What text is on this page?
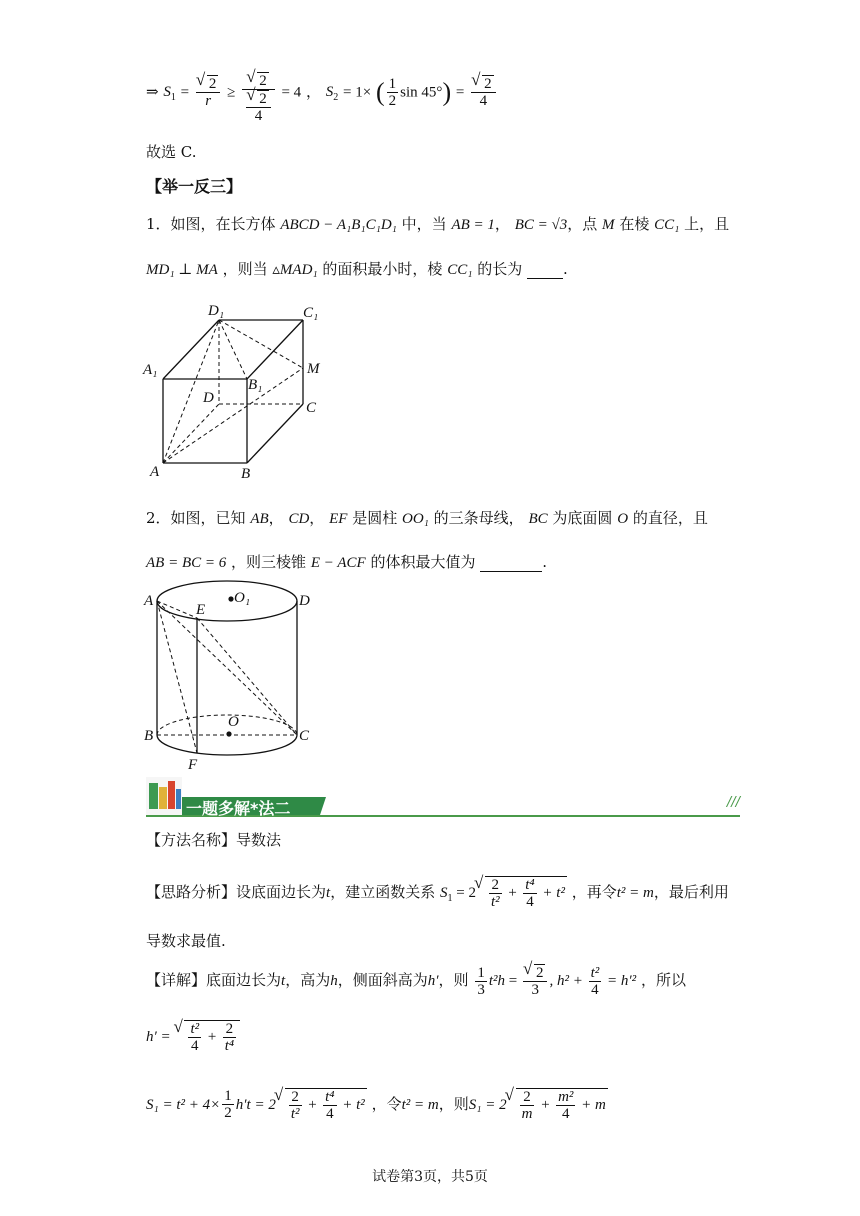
⇒ $S_1$ = √ $\frac{2}{r}$ ≥ √ 2
√ $\frac{2}{4} = 4$ ， $S_2 = 1\times$ ( $\frac{1}{2}$ sin 45°) = √ $\frac{2}{4}$
故选 C.
【举一反三】
1．如图，在长方体 ABCD − A₁B₁C₁D₁ 中，当 AB = 1， BC = √3，点 M 在棱 CC₁ 上，且
MD₁ ⊥ MA ，则当 ▵MAD₁ 的面积最小时，棱 CC₁ 的长为	.
D₁	C₁
A₁
B₁
M
D
C
A	B
2．如图，已知 AB， CD， EF 是圆柱 OO₁ 的三条母线， BC 为底面圆 O 的直径，且
AB = BC = 6 ，则三棱锥 E − ACF 的体积最大值为	.
A
E
O₁	D
O
B	C
F
一题多解*法二	///
【方法名称】导数法
【思路分析】设底面边长为t，建立函数关系 $S_1 = 2$ √ $\frac{2}{\text{t²}} + \frac{\text{t⁴}}{4} + t^2$ ，再令t² = m，最后利用
导数求最值.
【详解】底面边长为t，高为h，侧面斜高为h′，则 $\frac{1}{3} t^2h$ = √ $\frac{2}{3}$ , $h^2 + \frac{\text{t²}}{4} = h'^2$ ，所以
h′ = √ $\frac{\text{t²}}{4} + \frac{2}{\text{t⁴}}$
$S_1 = t^2 + 4\times \frac{1}{2} h't = 2$ √ $\frac{2}{\text{t²}} + \frac{\text{t⁴}}{4} + t^2$ ，令t² = m，则S₁ = 2 √ $\frac{2}{m} + \frac{\text{m²}}{4} + m$
试卷第3页，共5页
